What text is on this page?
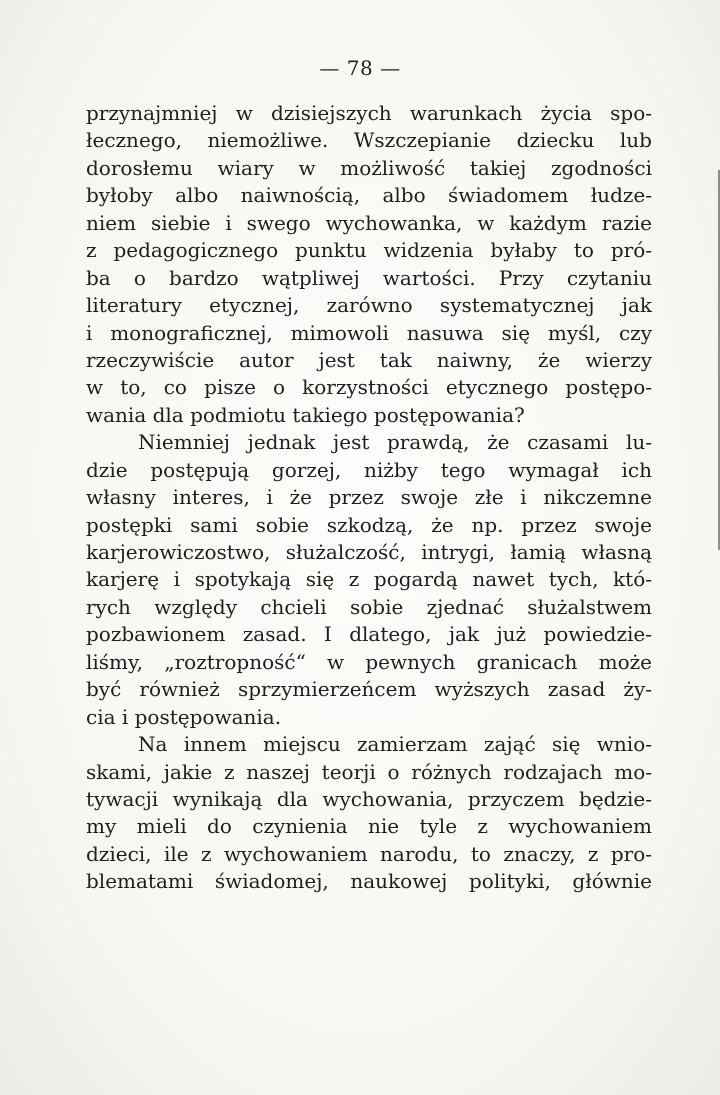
— 78 —
przynajmniej w dzisiejszych warunkach życia spo-
łecznego, niemożliwe. Wszczepianie dziecku lub
dorosłemu wiary w możliwość takiej zgodności
byłoby albo naiwnością, albo świadomem łudze-
niem siebie i swego wychowanka, w każdym razie
z pedagogicznego punktu widzenia byłaby to pró-
ba o bardzo wątpliwej wartości. Przy czytaniu
literatury etycznej, zarówno systematycznej jak
i monograficznej, mimowoli nasuwa się myśl, czy
rzeczywiście autor jest tak naiwny, że wierzy
w to, co pisze o korzystności etycznego postępo-
wania dla podmiotu takiego postępowania?
Niemniej jednak jest prawdą, że czasami lu-
dzie postępują gorzej, niżby tego wymagał ich
własny interes, i że przez swoje złe i nikczemne
postępki sami sobie szkodzą, że np. przez swoje
karjerowiczostwo, służalczość, intrygi, łamią własną
karjerę i spotykają się z pogardą nawet tych, któ-
rych względy chcieli sobie zjednać służalstwem
pozbawionem zasad. I dlatego, jak już powiedzie-
liśmy, „roztropność“ w pewnych granicach może
być również sprzymierzeńcem wyższych zasad ży-
cia i postępowania.
Na innem miejscu zamierzam zająć się wnio-
skami, jakie z naszej teorji o różnych rodzajach mo-
tywacji wynikają dla wychowania, przyczem będzie-
my mieli do czynienia nie tyle z wychowaniem
dzieci, ile z wychowaniem narodu, to znaczy, z pro-
blematami świadomej, naukowej polityki, głównie
